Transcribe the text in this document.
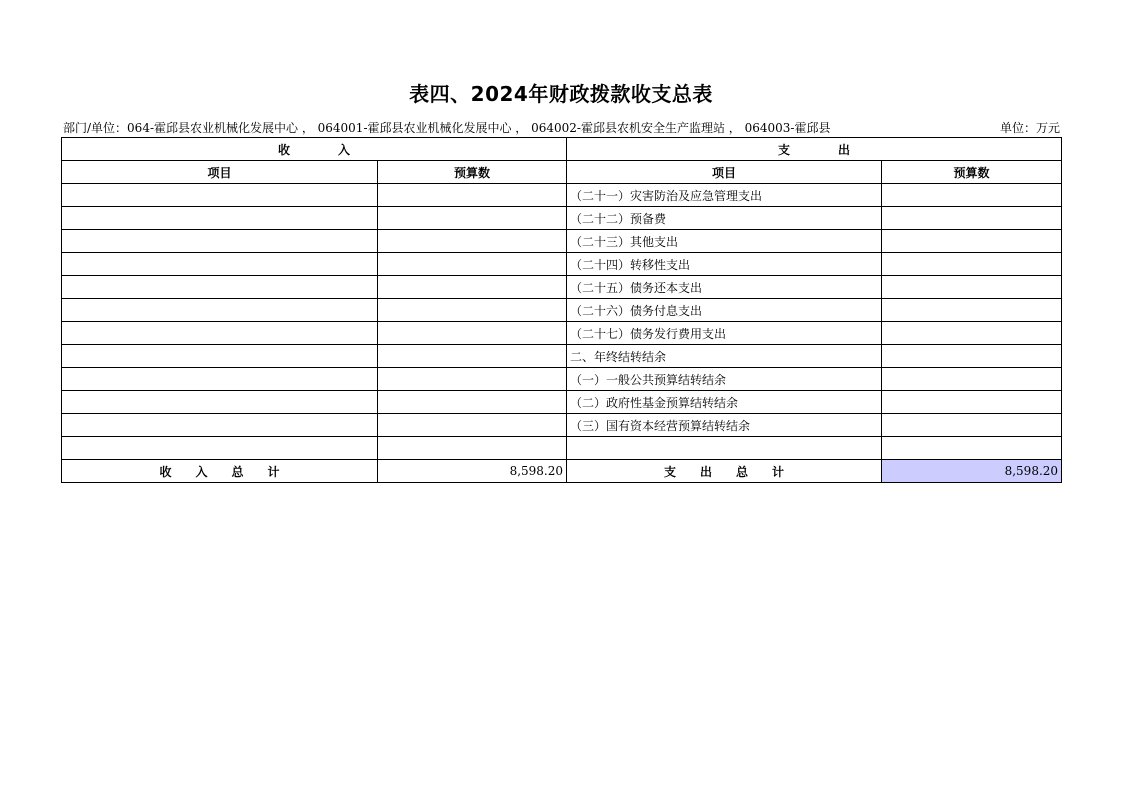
表四、2024年财政拨款收支总表
部门/单位：064-霍邱县农业机械化发展中心 ， 064001-霍邱县农业机械化发展中心 ， 064002-霍邱县农机安全生产监理站 ， 064003-霍邱县	单位：万元
收　　　　入		支　　　　出	
项目	预算数	项目	预算数
		（二十一）灾害防治及应急管理支出	
		（二十二）预备费	
		（二十三）其他支出	
		（二十四）转移性支出	
		（二十五）债务还本支出	
		（二十六）债务付息支出	
		（二十七）债务发行费用支出	
		二、年终结转结余	
		（一）一般公共预算结转结余	
		（二）政府性基金预算结转结余	
		（三）国有资本经营预算结转结余	

收　　入　　总　　计	8,598.20	支　　出　　总　　计	8,598.20
